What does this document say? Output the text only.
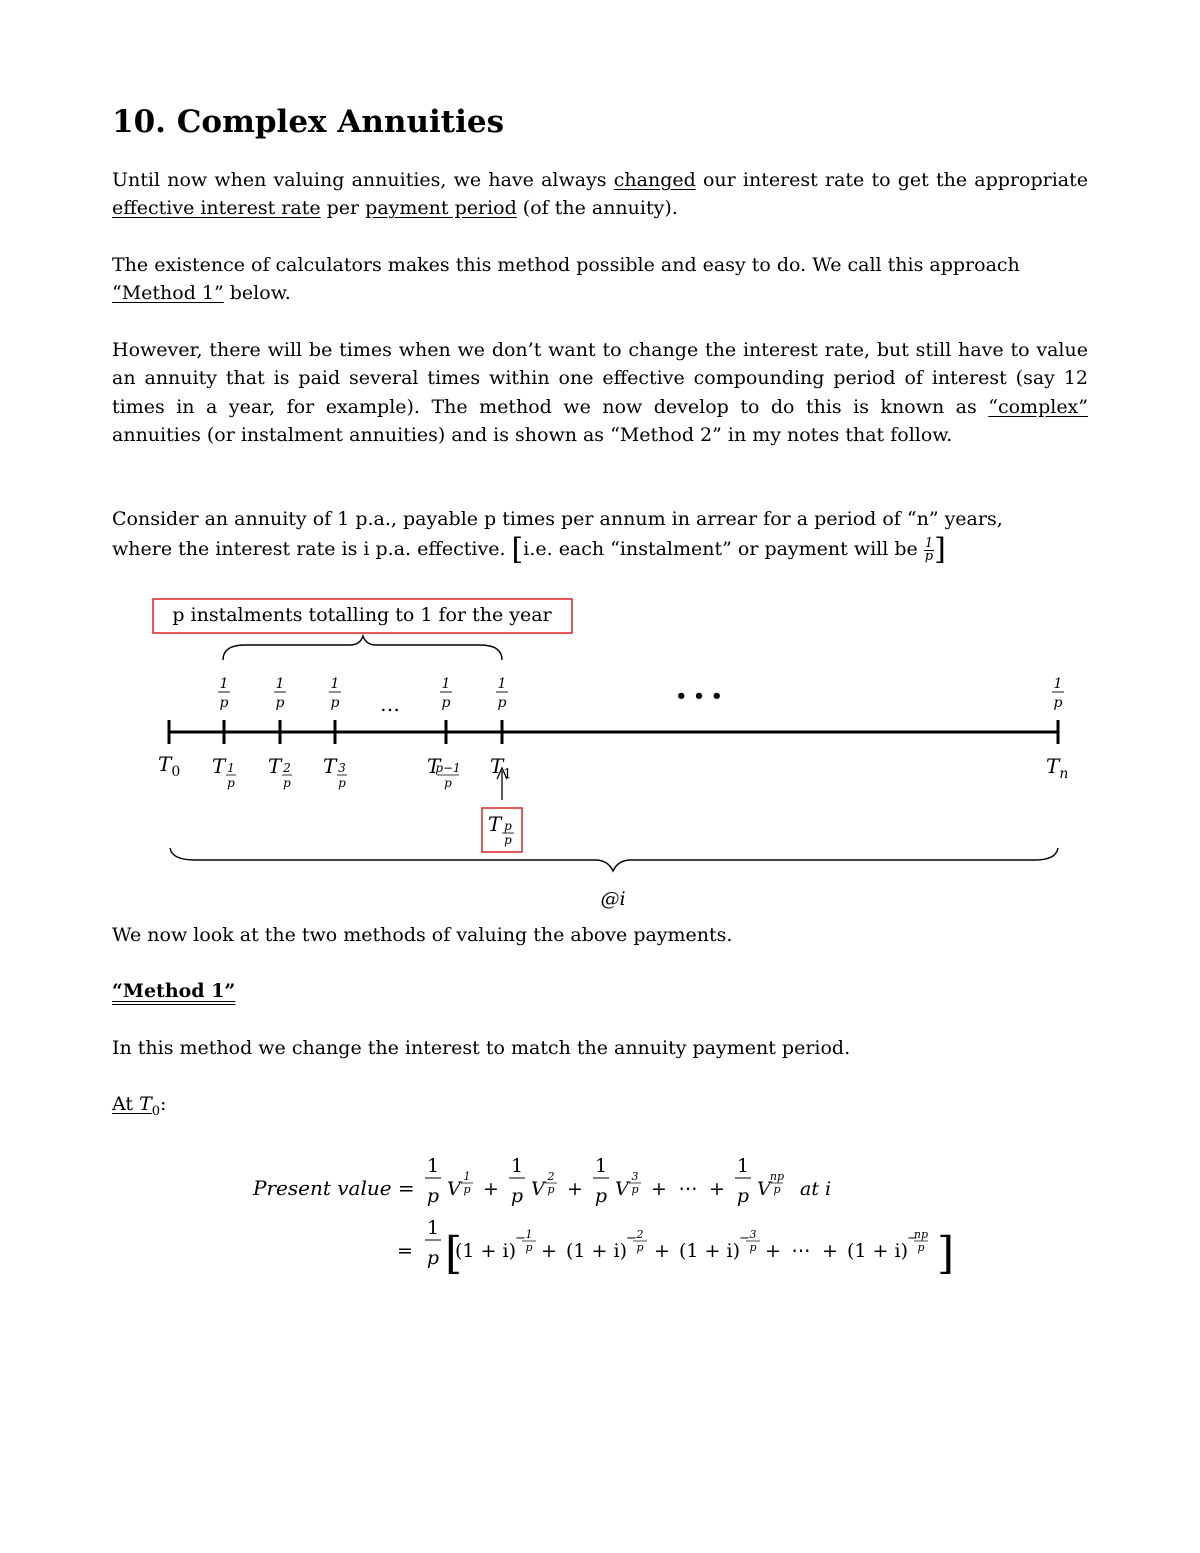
10. Complex Annuities

Until now when valuing annuities, we have always changed our interest rate to get the appropriate effective interest rate per payment period (of the annuity).

The existence of calculators makes this method possible and easy to do. We call this approach “Method 1” below.

However, there will be times when we don’t want to change the interest rate, but still have to value an annuity that is paid several times within one effective compounding period of interest (say 12 times in a year, for example). The method we now develop to do this is known as “complex” annuities (or instalment annuities) and is shown as “Method 2” in my notes that follow.

Consider an annuity of 1 p.a., payable p times per annum in arrear for a period of “n” years,
where the interest rate is i p.a. effective. [i.e. each “instalment” or payment will be $\frac{1}{p}$ ]
p instalments totalling to 1 for the year
1
p
1
p
1
p
1
p
1
p
1
p
…	• • •
$T_0$	$T_n$
T 1
p
T 2
p
T 3
p
T
p−1
p
$T_1$
T p
p
@i

We now look at the two methods of valuing the above payments.

“Method 1”

In this method we change the interest to match the annuity payment period.

At $T_0$:

Present value =
1
p V
1
p
1
p V
2
p
1
p V
3
p
1
p V
np
p
+	+	+ +
⋯	at i
=
1
p [	]
(1 + i)
− 1
p (1 + i)
− 2
p (1 + i)
− 3
p	(1 + i)
−
np
p
+	+	+ +
⋯
